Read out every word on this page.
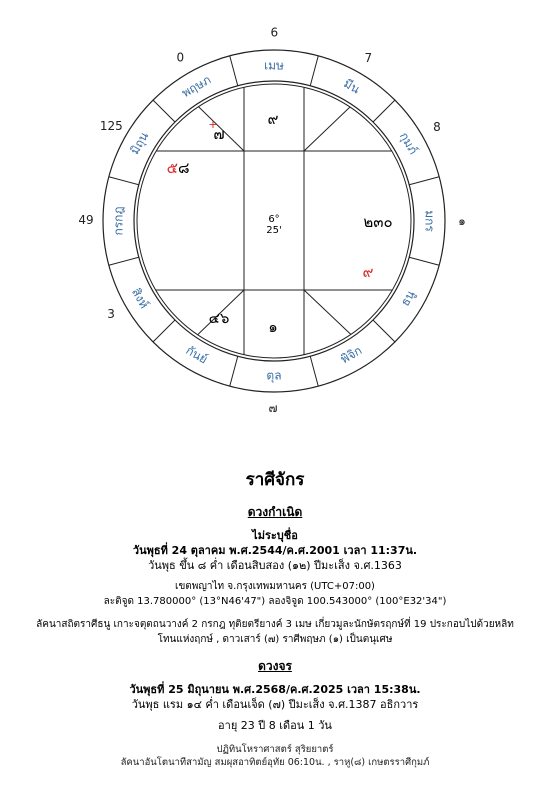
เมษ
มีน
กุมภ์
มกร
ธนู
พิจิก
ตุล
กันย์
สิงห์
กรกฎ
มิถุน
พฤษภ
6
7
8
๑
3
49
125
0
๙
+
๗
๕ ๘
๒๓๐
๙
๔๖	๑
6°
25'
๗
ราศีจักร
ดวงกำเนิด
ไม่ระบุชื่อ
วันพุธที่ 24 ตุลาคม พ.ศ.2544/ค.ศ.2001 เวลา 11:37น.
วันพุธ ขึ้น ๘ ค่ำ เดือนสิบสอง (๑๒) ปีมะเส็ง จ.ศ.1363
เขตพญาไท จ.กรุงเทพมหานคร (UTC+07:00)
ละติจูด 13.780000° (13°N46'47") ลองจิจูด 100.543000° (100°E32'34")
ลัคนาสถิตราศีธนู เกาะจตุตถนวางค์ 2 กรกฎ ทุติยตรียางค์ 3 เมษ เกี่ยวมูละนักษัตรฤกษ์ที่ 19 ประกอบไปด้วยหลิท โทนแห่งฤกษ์ , ดาวเสาร์ (๗) ราศีพฤษภ (๑) เป็นตนุเศษ
ดวงจร
วันพุธที่ 25 มิถุนายน พ.ศ.2568/ค.ศ.2025 เวลา 15:38น.
วันพุธ แรม ๑๔ ค่ำ เดือนเจ็ด (๗) ปีมะเส็ง จ.ศ.1387 อธิกวาร
อายุ 23 ปี 8 เดือน 1 วัน
ปฏิทินโหราศาสตร์ สุริยยาตร์
ลัคนาอันโตนาทีสามัญ สมผุสอาทิตย์อุทัย 06:10น. , ราหู(๘) เกษตรราศีกุมภ์
